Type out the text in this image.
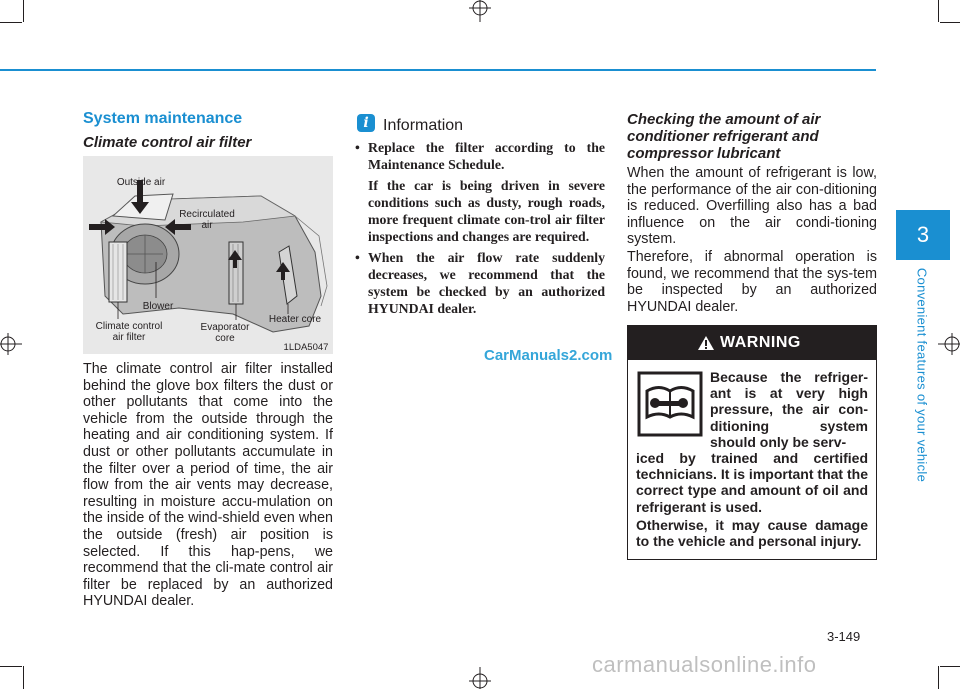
System maintenance
Climate control air filter
Outside air
Recirculated
air
Blower
Climate control
air filter
Evaporator
core
Heater core
1LDA5047
The climate control air filter installed behind the glove box filters the dust or other pollutants that come into the vehicle from the outside through the heating and air conditioning system. If dust or other pollutants accumulate in the filter over a period of time, the air flow from the air vents may decrease, resulting in moisture accu-mulation on the inside of the wind-shield even when the outside (fresh) air position is selected. If this hap-pens, we recommend that the cli-mate control air filter be replaced by an authorized HYUNDAI dealer.
i Information
• Replace the filter according to the Maintenance Schedule.

If the car is being driven in severe conditions such as dusty, rough roads, more frequent climate con-trol air filter inspections and changes are required.

• When the air flow rate suddenly decreases, we recommend that the system be checked by an authorized HYUNDAI dealer.

Checking the amount of air conditioner refrigerant and compressor lubricant
When the amount of refrigerant is low, the performance of the air con-ditioning is reduced. Overfilling also has a bad influence on the air condi-tioning system.
Therefore, if abnormal operation is found, we recommend that the sys-tem be inspected by an authorized HYUNDAI dealer.
WARNING
Because the refriger-ant is at very high pressure, the air con-ditioning system should only be serv-
iced by trained and certified technicians. It is important that the correct type and amount of oil and refrigerant is used.
Otherwise, it may cause damage to the vehicle and personal injury.
3
Convenient features of your vehicle
3-149
CarManuals2.com
carmanualsonline.info
